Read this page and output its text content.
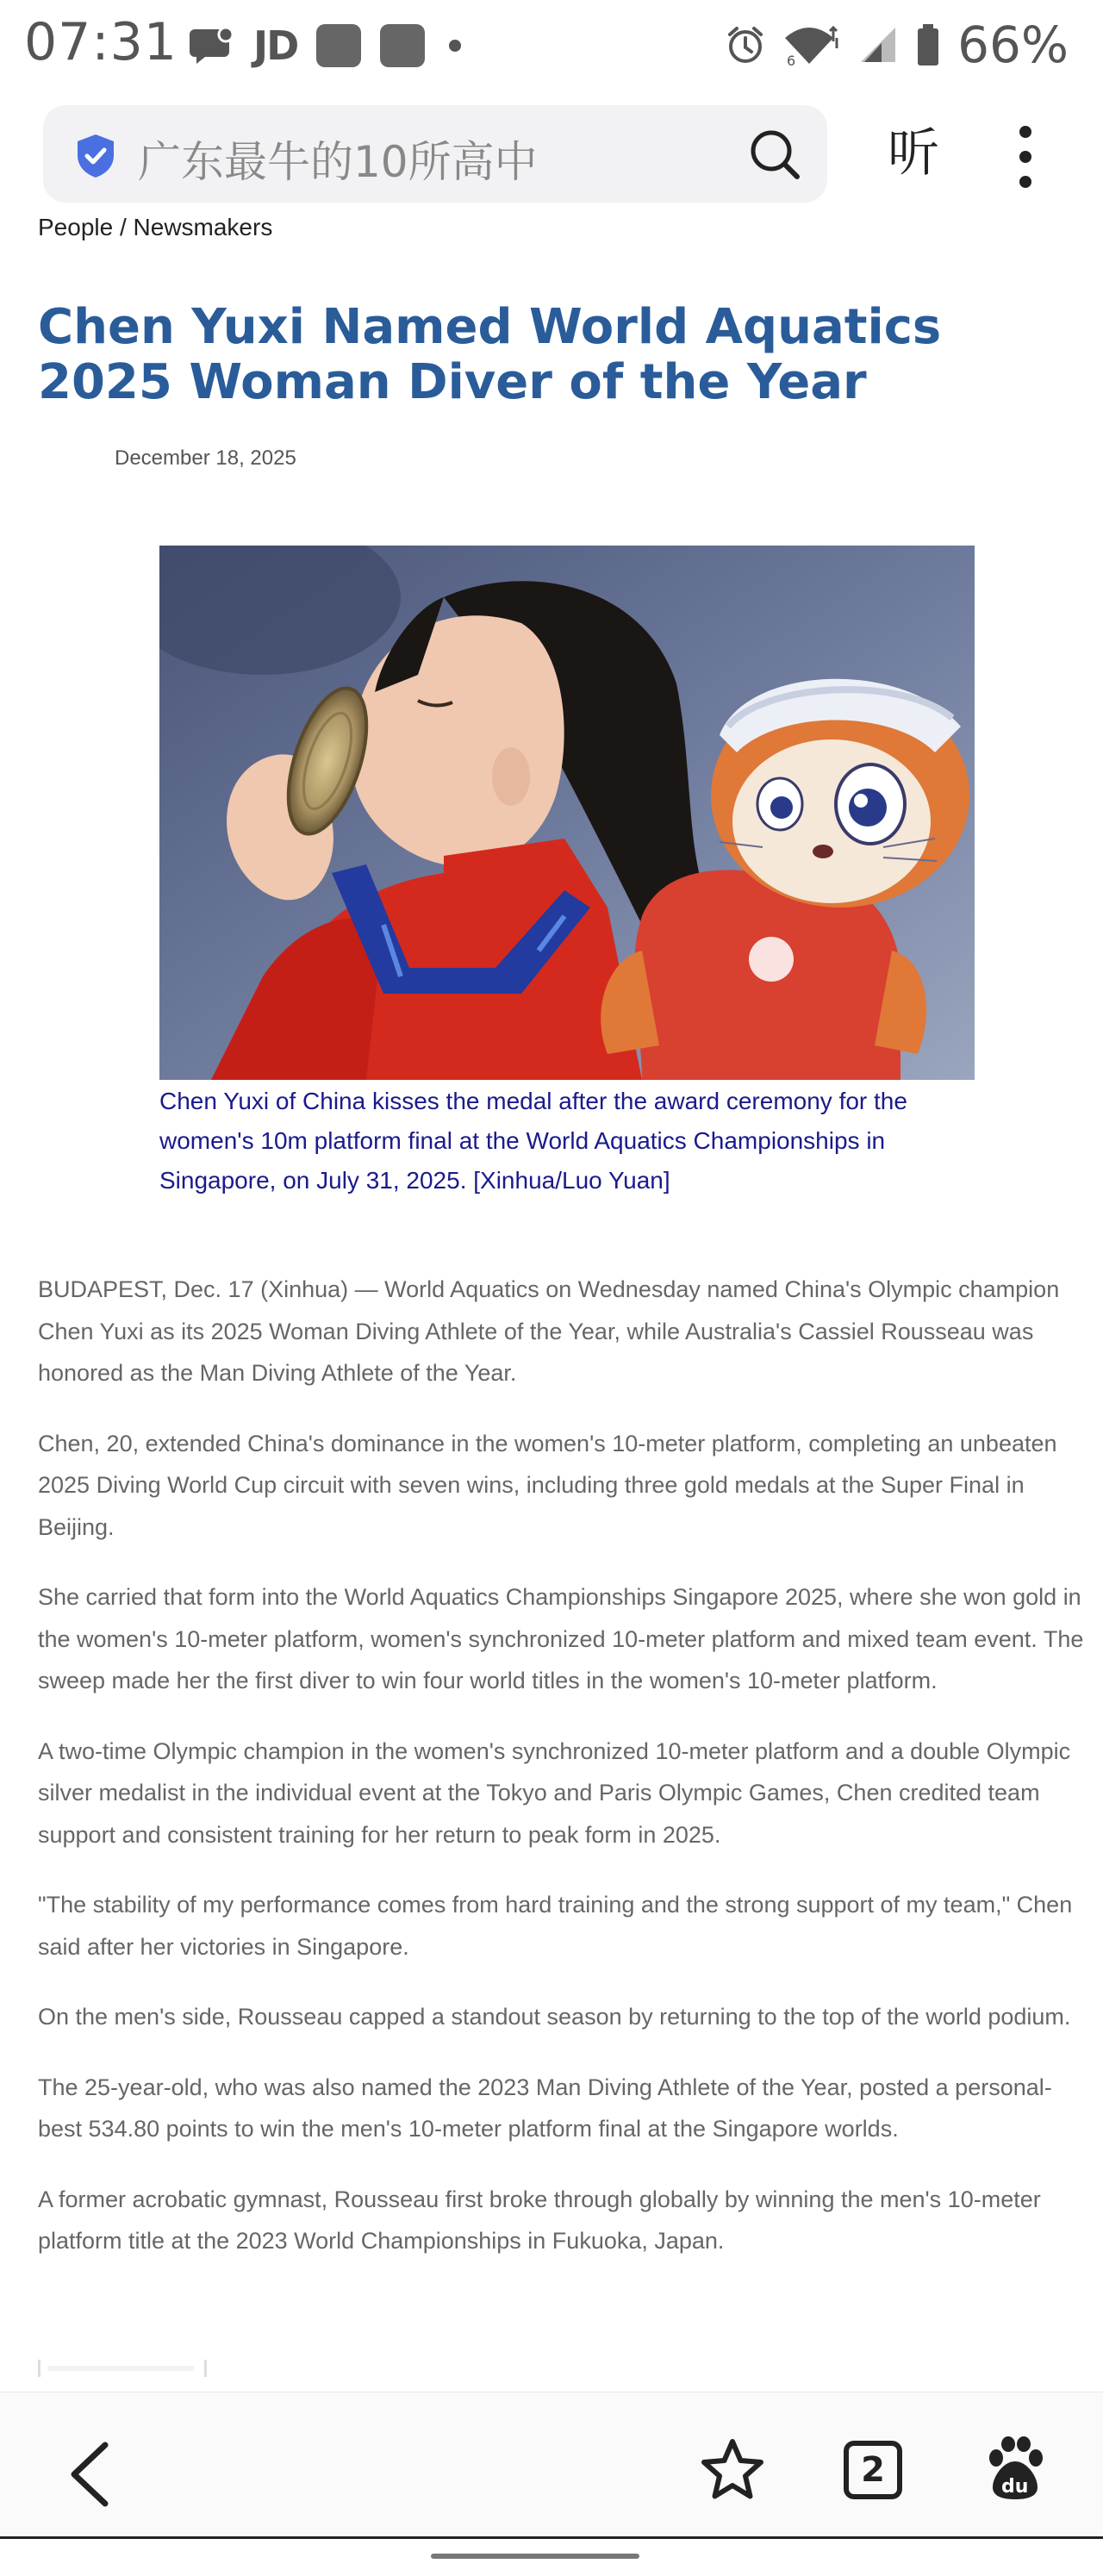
07:31 JD	6	66%
广东最牛的10所高中	听
People / Newsmakers
Chen Yuxi Named World Aquatics 2025 Woman Diver of the Year
December 18, 2025
Chen Yuxi of China kisses the medal after the award ceremony for the women's 10m platform final at the World Aquatics Championships in Singapore, on July 31, 2025. [Xinhua/Luo Yuan]

BUDAPEST, Dec. 17 (Xinhua) — World Aquatics on Wednesday named China's Olympic champion Chen Yuxi as its 2025 Woman Diving Athlete of the Year, while Australia's Cassiel Rousseau was honored as the Man Diving Athlete of the Year.

Chen, 20, extended China's dominance in the women's 10-meter platform, completing an unbeaten 2025 Diving World Cup circuit with seven wins, including three gold medals at the Super Final in Beijing.

She carried that form into the World Aquatics Championships Singapore 2025, where she won gold in the women's 10-meter platform, women's synchronized 10-meter platform and mixed team event. The sweep made her the first diver to win four world titles in the women's 10-meter platform.

A two-time Olympic champion in the women's synchronized 10-meter platform and a double Olympic silver medalist in the individual event at the Tokyo and Paris Olympic Games, Chen credited team support and consistent training for her return to peak form in 2025.

"The stability of my performance comes from hard training and the strong support of my team," Chen said after her victories in Singapore.

On the men's side, Rousseau capped a standout season by returning to the top of the world podium.

The 25-year-old, who was also named the 2023 Man Diving Athlete of the Year, posted a personal-best 534.80 points to win the men's 10-meter platform final at the Singapore worlds.

A former acrobatic gymnast, Rousseau first broke through globally by winning the men's 10-meter platform title at the 2023 World Championships in Fukuoka, Japan.

2	du
